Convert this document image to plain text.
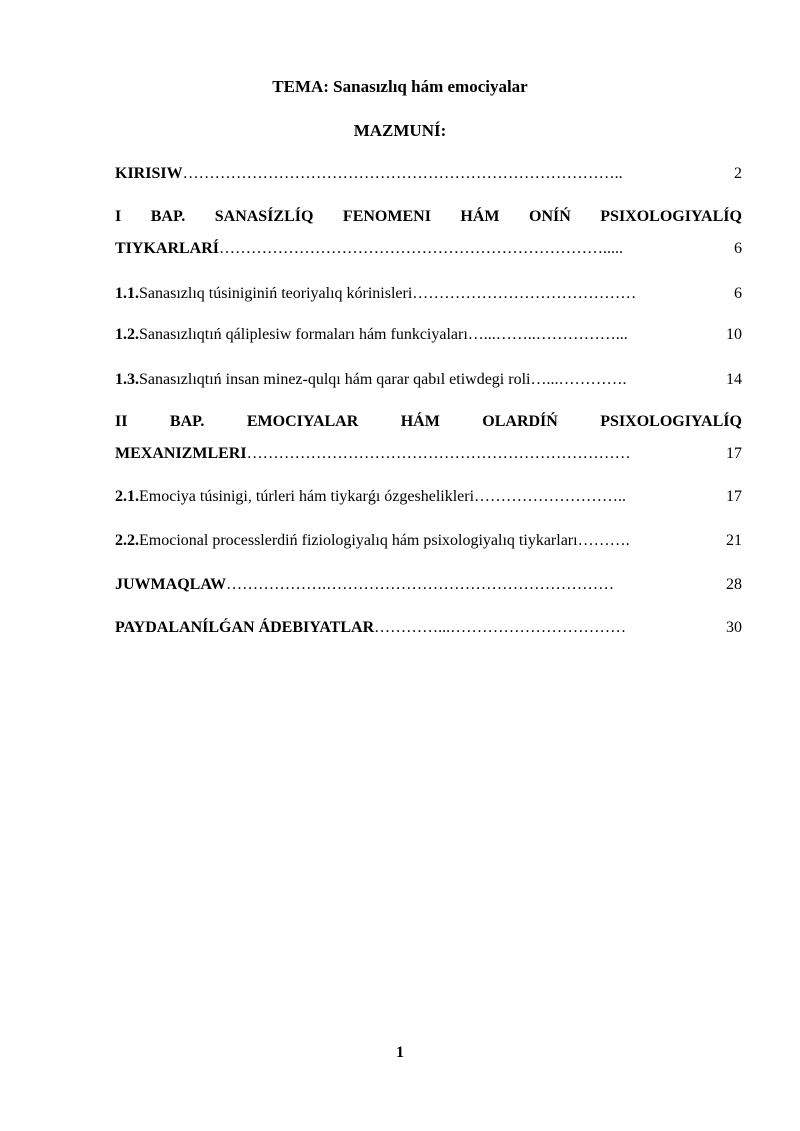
TEMA: Sanasızlıq hám emociyalar
MAZMUNÍ:
KIRISIW ………………………………………………………………………..	2
I BAP. SANASÍZLÍQ FENOMENI HÁM ONÍŃ PSIXOLOGIYALÍQ
TIYKARLARÍ ……………………………………………………………….....	6
1.1. Sanasızlıq túsiniginiń teoriyalıq kórinisleri ……………………………………	6
1.2. Sanasızlıqtıń qáliplesiw formaları hám funkciyaları …...……..……………...	10
1.3. Sanasızlıqtıń insan minez-qulqı hám qarar qabıl etiwdegi roli …...………….	14
II	BAP.	EMOCIYALAR	HÁM	OLARDÍŃ	PSIXOLOGIYALÍQ
MEXANIZMLERI ………………………………………………………………	17
2.1. Emociya túsinigi, túrleri hám tiykarǵı ózgeshelikleri ………………………..	17
2.2. Emocional processlerdiń fiziologiyalıq hám psixologiyalıq tiykarları ……….	21
JUWMAQLAW ……………….………………………………………………	28
PAYDALANÍLǴAN ÁDEBIYATLAR …………...……………………………	30
1
